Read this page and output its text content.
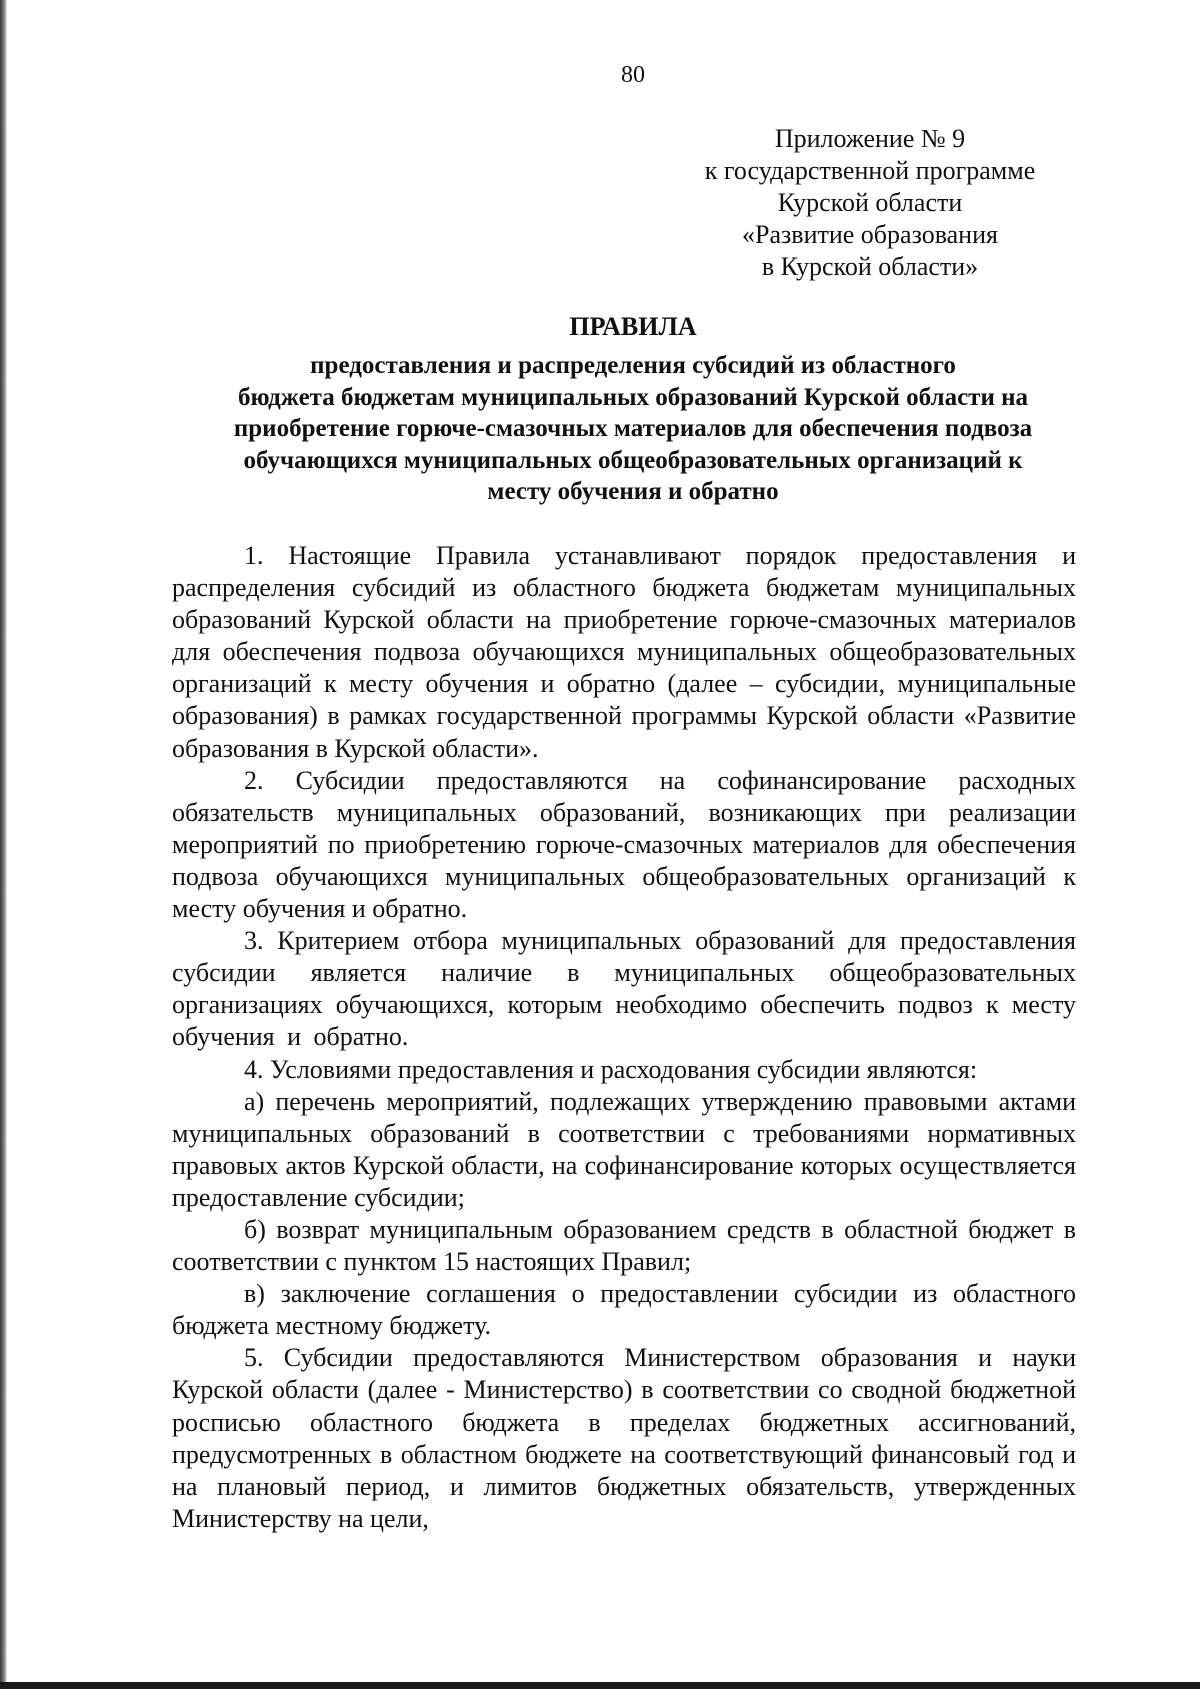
80
Приложение № 9
к государственной программе
Курской области
«Развитие образования
в Курской области»
ПРАВИЛА
предоставления и распределения субсидий из областного
бюджета бюджетам муниципальных образований Курской области на
приобретение горюче-смазочных материалов для обеспечения подвоза
обучающихся муниципальных общеобразовательных организаций к
месту обучения и обратно

1. Настоящие Правила устанавливают порядок предоставления и распределения субсидий из областного бюджета бюджетам муниципальных образований Курской области на приобретение горюче-смазочных материалов для обеспечения подвоза обучающихся муниципальных общеобразовательных организаций к месту обучения и обратно (далее – субсидии, муниципальные образования) в рамках государственной программы Курской области «Развитие образования в Курской области».

2. Субсидии предоставляются на софинансирование расходных обязательств муниципальных образований, возникающих при реализации мероприятий по приобретению горюче-смазочных материалов для обеспечения подвоза обучающихся муниципальных общеобразовательных организаций к месту обучения и обратно.

3. Критерием отбора муниципальных образований для предоставления субсидии является наличие в муниципальных общеобразовательных организациях обучающихся, которым необходимо обеспечить подвоз к месту обучения и обратно.

4. Условиями предоставления и расходования субсидии являются:

а) перечень мероприятий, подлежащих утверждению правовыми актами муниципальных образований в соответствии с требованиями нормативных правовых актов Курской области, на софинансирование которых осуществляется предоставление субсидии;

б) возврат муниципальным образованием средств в областной бюджет в соответствии с пунктом 15 настоящих Правил;

в) заключение соглашения о предоставлении субсидии из областного бюджета местному бюджету.

5. Субсидии предоставляются Министерством образования и науки Курской области (далее - Министерство) в соответствии со сводной бюджетной росписью областного бюджета в пределах бюджетных ассигнований, предусмотренных в областном бюджете на соответствующий финансовый год и на плановый период, и лимитов бюджетных обязательств, утвержденных Министерству на цели,
